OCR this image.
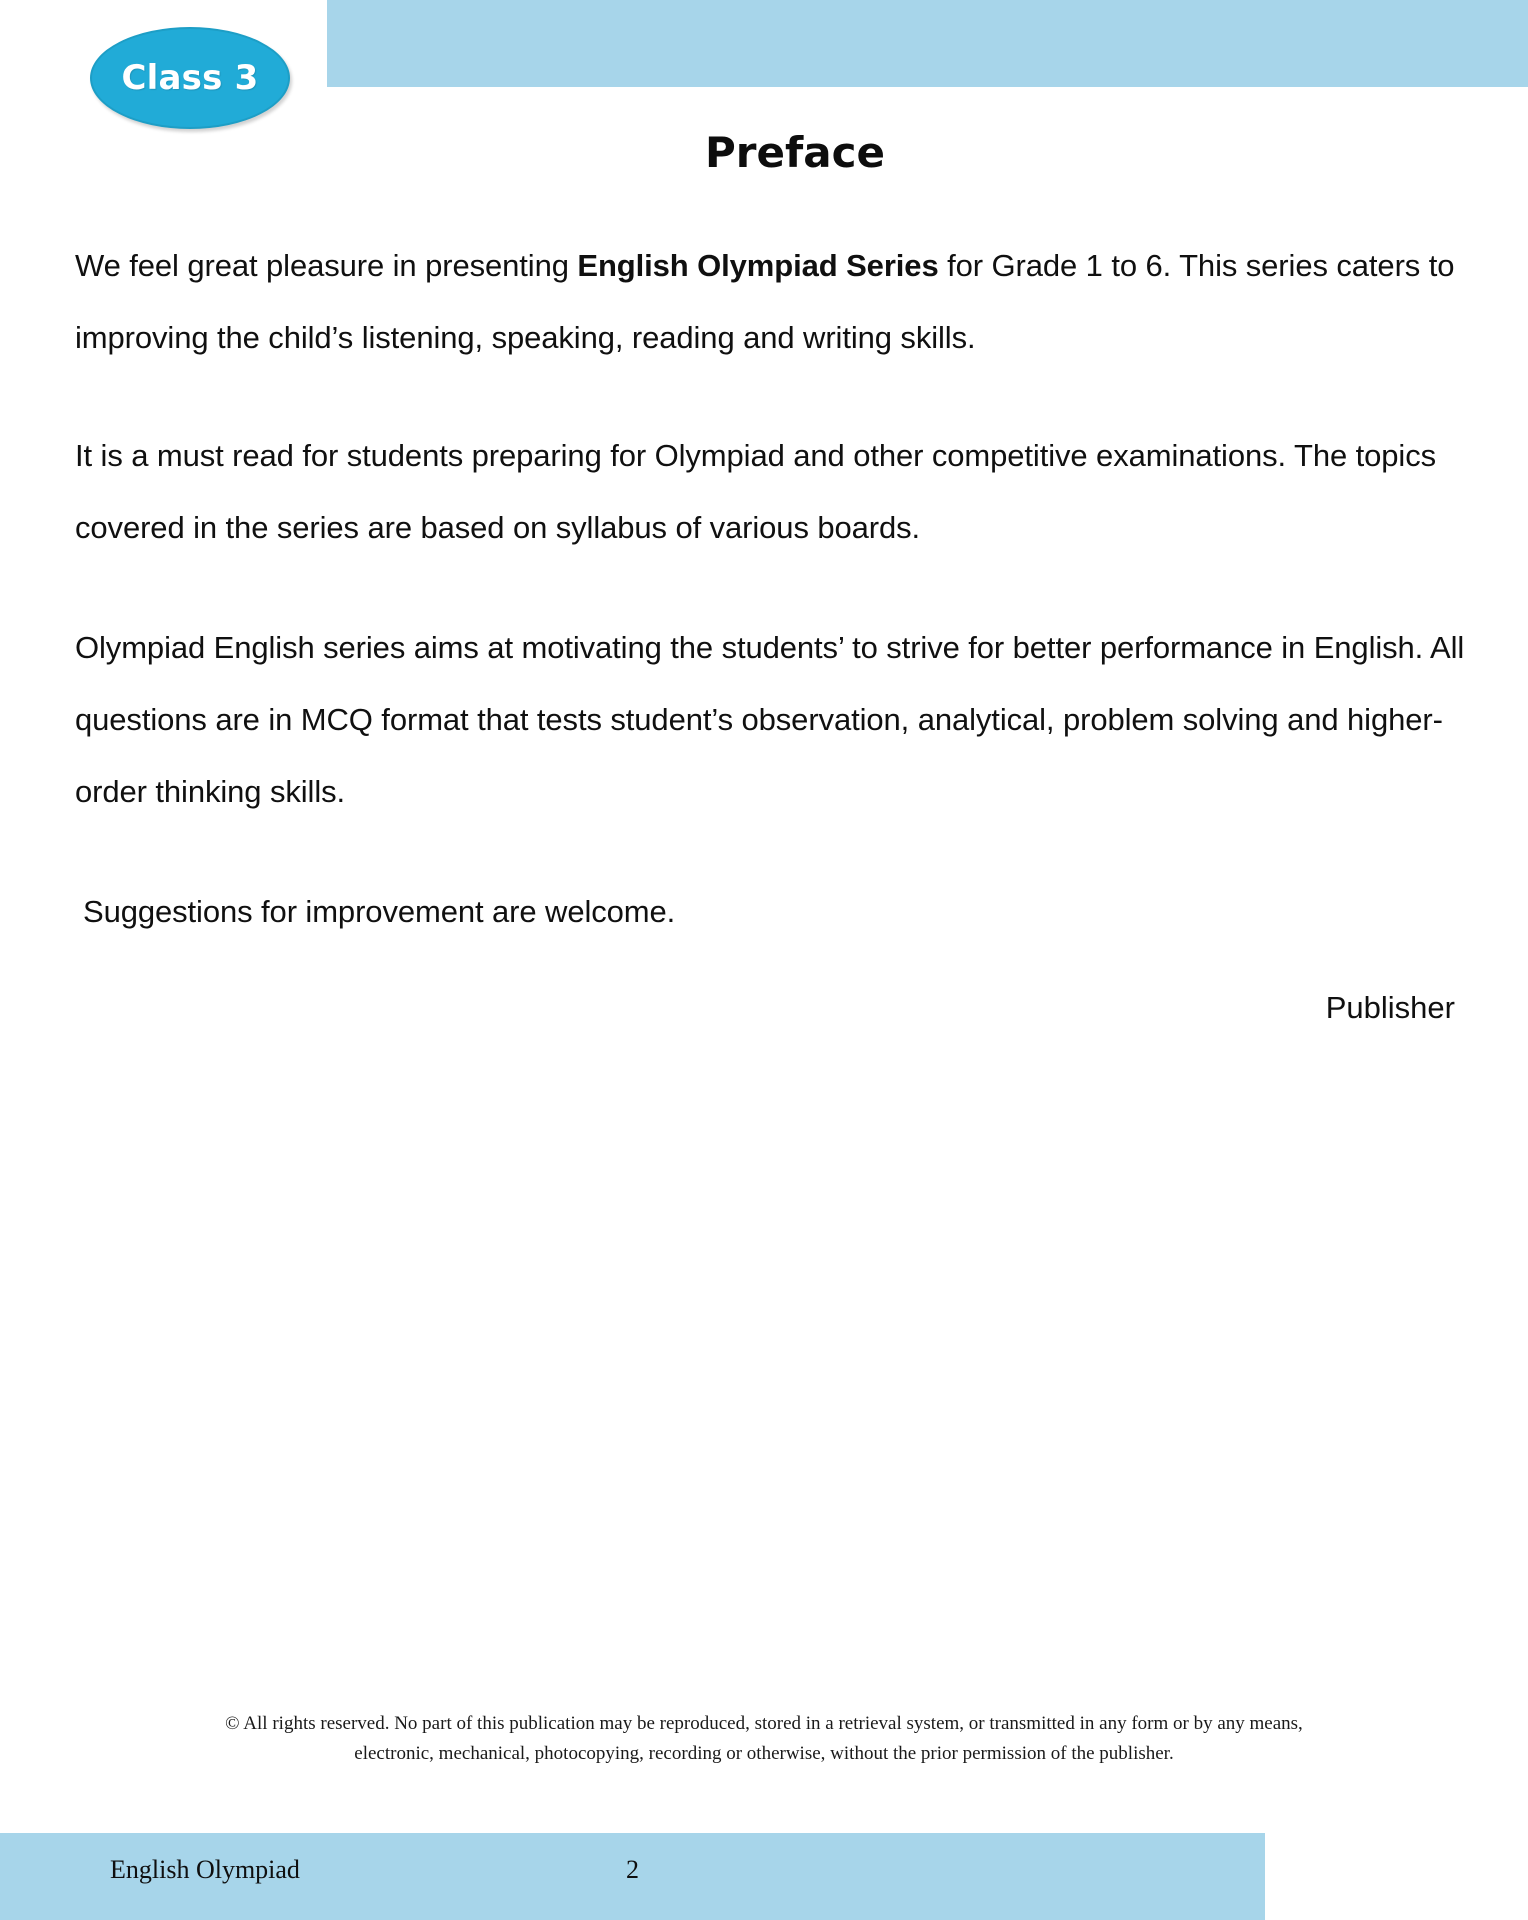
Class 3
Preface

We feel great pleasure in presenting English Olympiad Series for Grade 1 to 6. This series caters to improving the child’s listening, speaking, reading and writing skills.

It is a must read for students preparing for Olympiad and other competitive examinations. The topics covered in the series are based on syllabus of various boards.

Olympiad English series aims at motivating the students’ to strive for better performance in English. All questions are in MCQ format that tests student’s observation, analytical, problem solving and higher-order thinking skills.

Suggestions for improvement are welcome.

Publisher
© All rights reserved. No part of this publication may be reproduced, stored in a retrieval system, or transmitted in any form or by any means,
electronic, mechanical, photocopying, recording or otherwise, without the prior permission of the publisher.
English Olympiad	2
